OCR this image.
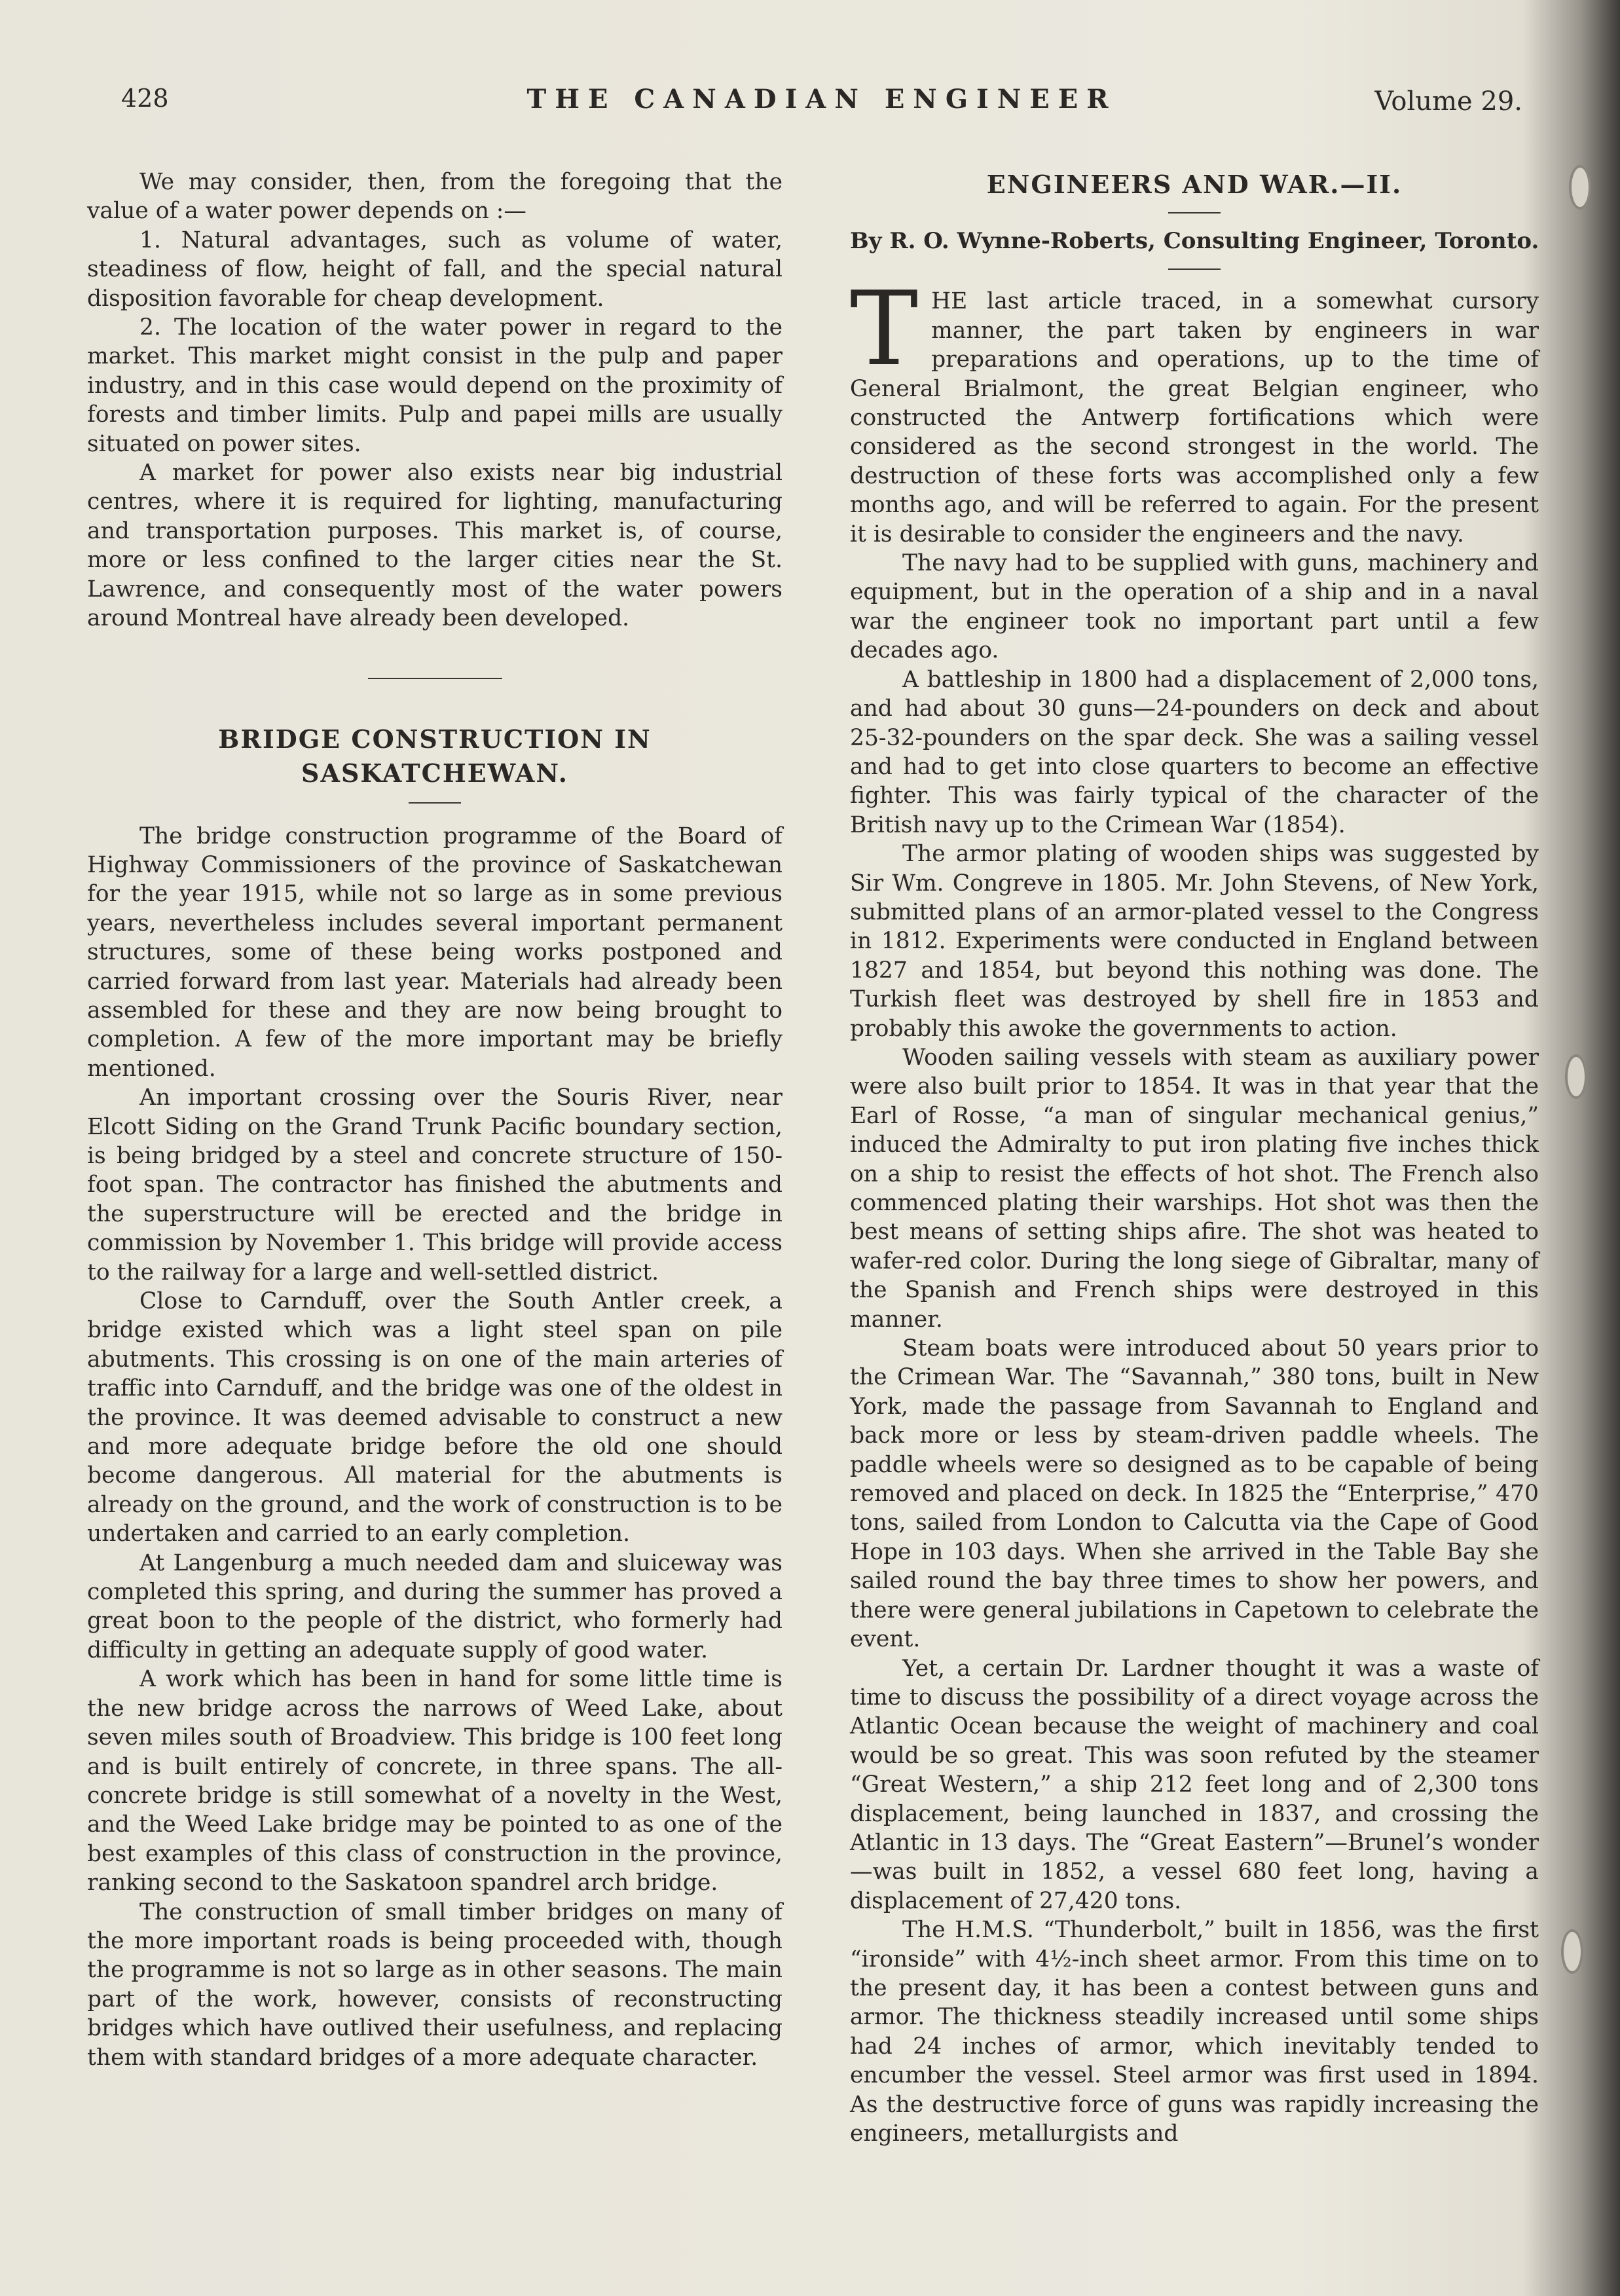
428	THE CANADIAN ENGINEER	Volume 29.

We may consider, then, from the foregoing that the value of a water power depends on :—

1. Natural advantages, such as volume of water, steadiness of flow, height of fall, and the special natural disposition favorable for cheap development.

2. The location of the water power in regard to the market. This market might consist in the pulp and paper industry, and in this case would depend on the proximity of forests and timber limits. Pulp and papei mills are usually situated on power sites.

A market for power also exists near big industrial centres, where it is required for lighting, manufacturing and transportation purposes. This market is, of course, more or less confined to the larger cities near the St. Lawrence, and consequently most of the water powers around Montreal have already been developed.

BRIDGE CONSTRUCTION IN SASKATCHEWAN.

The bridge construction programme of the Board of Highway Commissioners of the province of Saskatchewan for the year 1915, while not so large as in some previous years, nevertheless includes several important permanent structures, some of these being works postponed and carried forward from last year. Materials had already been assembled for these and they are now being brought to completion. A few of the more important may be briefly mentioned.

An important crossing over the Souris River, near Elcott Siding on the Grand Trunk Pacific boundary section, is being bridged by a steel and concrete structure of 150-foot span. The contractor has finished the abutments and the superstructure will be erected and the bridge in commission by November 1. This bridge will provide access to the railway for a large and well-settled district.

Close to Carnduff, over the South Antler creek, a bridge existed which was a light steel span on pile abutments. This crossing is on one of the main arteries of traffic into Carnduff, and the bridge was one of the oldest in the province. It was deemed advisable to construct a new and more adequate bridge before the old one should become dangerous. All material for the abutments is already on the ground, and the work of construction is to be undertaken and carried to an early completion.

At Langenburg a much needed dam and sluiceway was completed this spring, and during the summer has proved a great boon to the people of the district, who formerly had difficulty in getting an adequate supply of good water.

A work which has been in hand for some little time is the new bridge across the narrows of Weed Lake, about seven miles south of Broadview. This bridge is 100 feet long and is built entirely of concrete, in three spans. The all-concrete bridge is still somewhat of a novelty in the West, and the Weed Lake bridge may be pointed to as one of the best examples of this class of construction in the province, ranking second to the Saskatoon spandrel arch bridge.

The construction of small timber bridges on many of the more important roads is being proceeded with, though the programme is not so large as in other seasons. The main part of the work, however, consists of reconstructing bridges which have outlived their usefulness, and replacing them with standard bridges of a more adequate character.

ENGINEERS AND WAR.—II.
By R. O. Wynne-Roberts, Consulting Engineer, Toronto.

THE last article traced, in a somewhat cursory manner, the part taken by engineers in war preparations and operations, up to the time of General Brialmont, the great Belgian engineer, who constructed the Antwerp fortifications which were considered as the second strongest in the world. The destruction of these forts was accomplished only a few months ago, and will be referred to again. For the present it is desirable to consider the engineers and the navy.

The navy had to be supplied with guns, machinery and equipment, but in the operation of a ship and in a naval war the engineer took no important part until a few decades ago.

A battleship in 1800 had a displacement of 2,000 tons, and had about 30 guns—24-pounders on deck and about 25-32-pounders on the spar deck. She was a sailing vessel and had to get into close quarters to become an effective fighter. This was fairly typical of the character of the British navy up to the Crimean War (1854).

The armor plating of wooden ships was suggested by Sir Wm. Congreve in 1805. Mr. John Stevens, of New York, submitted plans of an armor-plated vessel to the Congress in 1812. Experiments were conducted in England between 1827 and 1854, but beyond this nothing was done. The Turkish fleet was destroyed by shell fire in 1853 and probably this awoke the governments to action.

Wooden sailing vessels with steam as auxiliary power were also built prior to 1854. It was in that year that the Earl of Rosse, “a man of singular mechanical genius,” induced the Admiralty to put iron plating five inches thick on a ship to resist the effects of hot shot. The French also commenced plating their warships. Hot shot was then the best means of setting ships afire. The shot was heated to wafer-red color. During the long siege of Gibraltar, many of the Spanish and French ships were destroyed in this manner.

Steam boats were introduced about 50 years prior to the Crimean War. The “Savannah,” 380 tons, built in New York, made the passage from Savannah to England and back more or less by steam-driven paddle wheels. The paddle wheels were so designed as to be capable of being removed and placed on deck. In 1825 the “Enterprise,” 470 tons, sailed from London to Calcutta via the Cape of Good Hope in 103 days. When she arrived in the Table Bay she sailed round the bay three times to show her powers, and there were general jubilations in Capetown to celebrate the event.

Yet, a certain Dr. Lardner thought it was a waste of time to discuss the possibility of a direct voyage across the Atlantic Ocean because the weight of machinery and coal would be so great. This was soon refuted by the steamer “Great Western,” a ship 212 feet long and of 2,300 tons displacement, being launched in 1837, and crossing the Atlantic in 13 days. The “Great Eastern”—Brunel’s wonder—was built in 1852, a vessel 680 feet long, having a displacement of 27,420 tons.

The H.M.S. “Thunderbolt,” built in 1856, was the first “ironside” with 4½-inch sheet armor. From this time on to the present day, it has been a contest between guns and armor. The thickness steadily increased until some ships had 24 inches of armor, which inevitably tended to encumber the vessel. Steel armor was first used in 1894. As the destructive force of guns was rapidly increasing the engineers, metallurgists and
